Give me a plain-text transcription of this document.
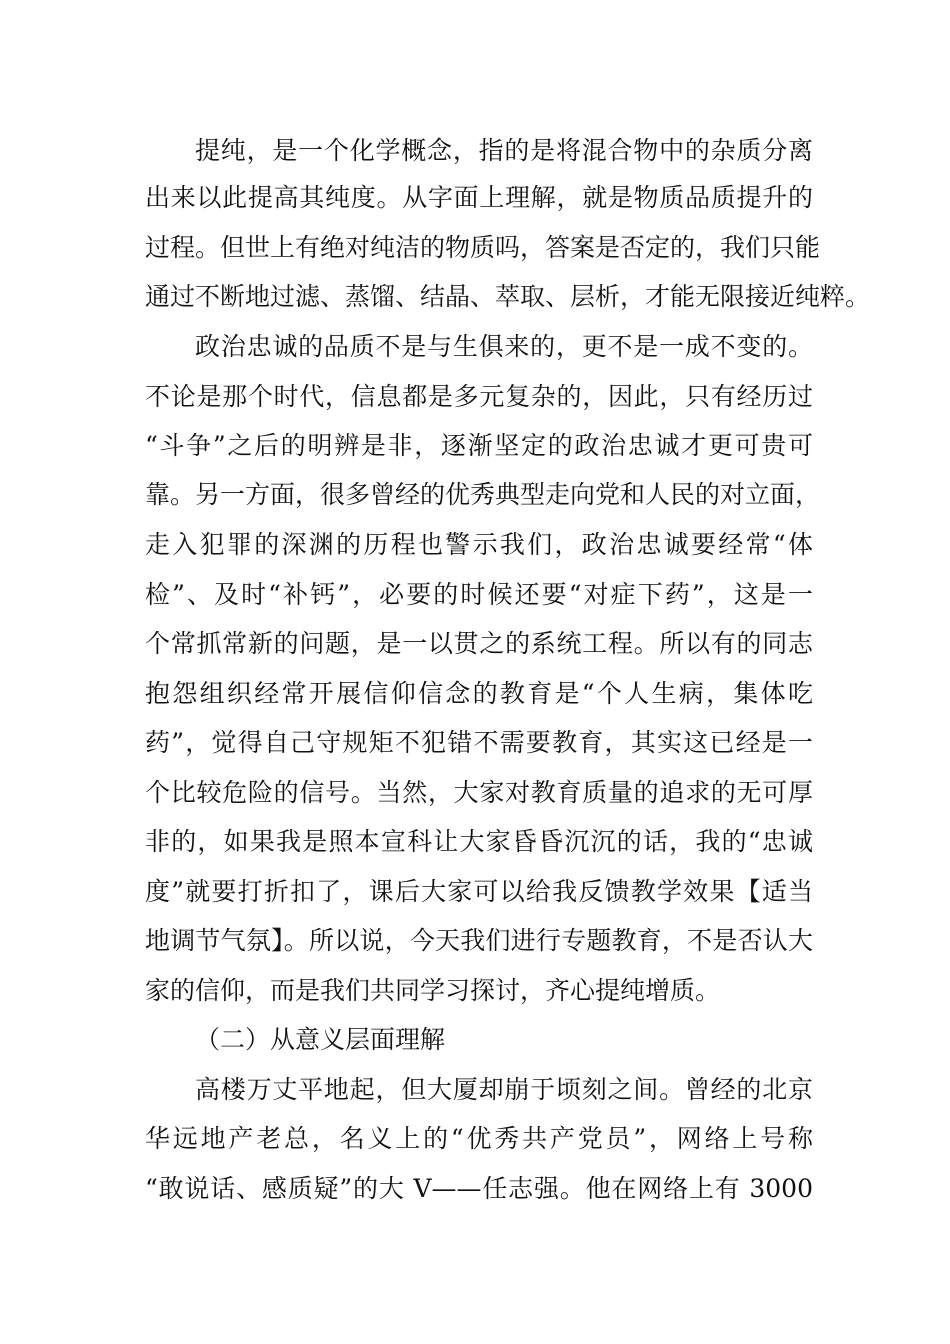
提纯，是一个化学概念，指的是将混合物中的杂质分离
出来以此提高其纯度。从字面上理解，就是物质品质提升的
过程。但世上有绝对纯洁的物质吗，答案是否定的，我们只能
通过不断地过滤、蒸馏、结晶、萃取、层析，才能无限接近纯粹。
政治忠诚的品质不是与生俱来的，更不是一成不变的。
不论是那个时代，信息都是多元复杂的，因此，只有经历过
“斗争”之后的明辨是非，逐渐坚定的政治忠诚才更可贵可
靠。另一方面，很多曾经的优秀典型走向党和人民的对立面，
走入犯罪的深渊的历程也警示我们，政治忠诚要经常“体
检”、及时“补钙”，必要的时候还要“对症下药”，这是一
个常抓常新的问题，是一以贯之的系统工程。所以有的同志
抱怨组织经常开展信仰信念的教育是“个人生病，集体吃
药”，觉得自己守规矩不犯错不需要教育，其实这已经是一
个比较危险的信号。当然，大家对教育质量的追求的无可厚
非的，如果我是照本宣科让大家昏昏沉沉的话，我的“忠诚
度”就要打折扣了，课后大家可以给我反馈教学效果【适当
地调节气氛】。所以说，今天我们进行专题教育，不是否认大
家的信仰，而是我们共同学习探讨，齐心提纯增质。
（二）从意义层面理解
高楼万丈平地起，但大厦却崩于顷刻之间。曾经的北京
华远地产老总，名义上的“优秀共产党员”，网络上号称
“敢说话、感质疑”的大 V——任志强。他在网络上有 3000
